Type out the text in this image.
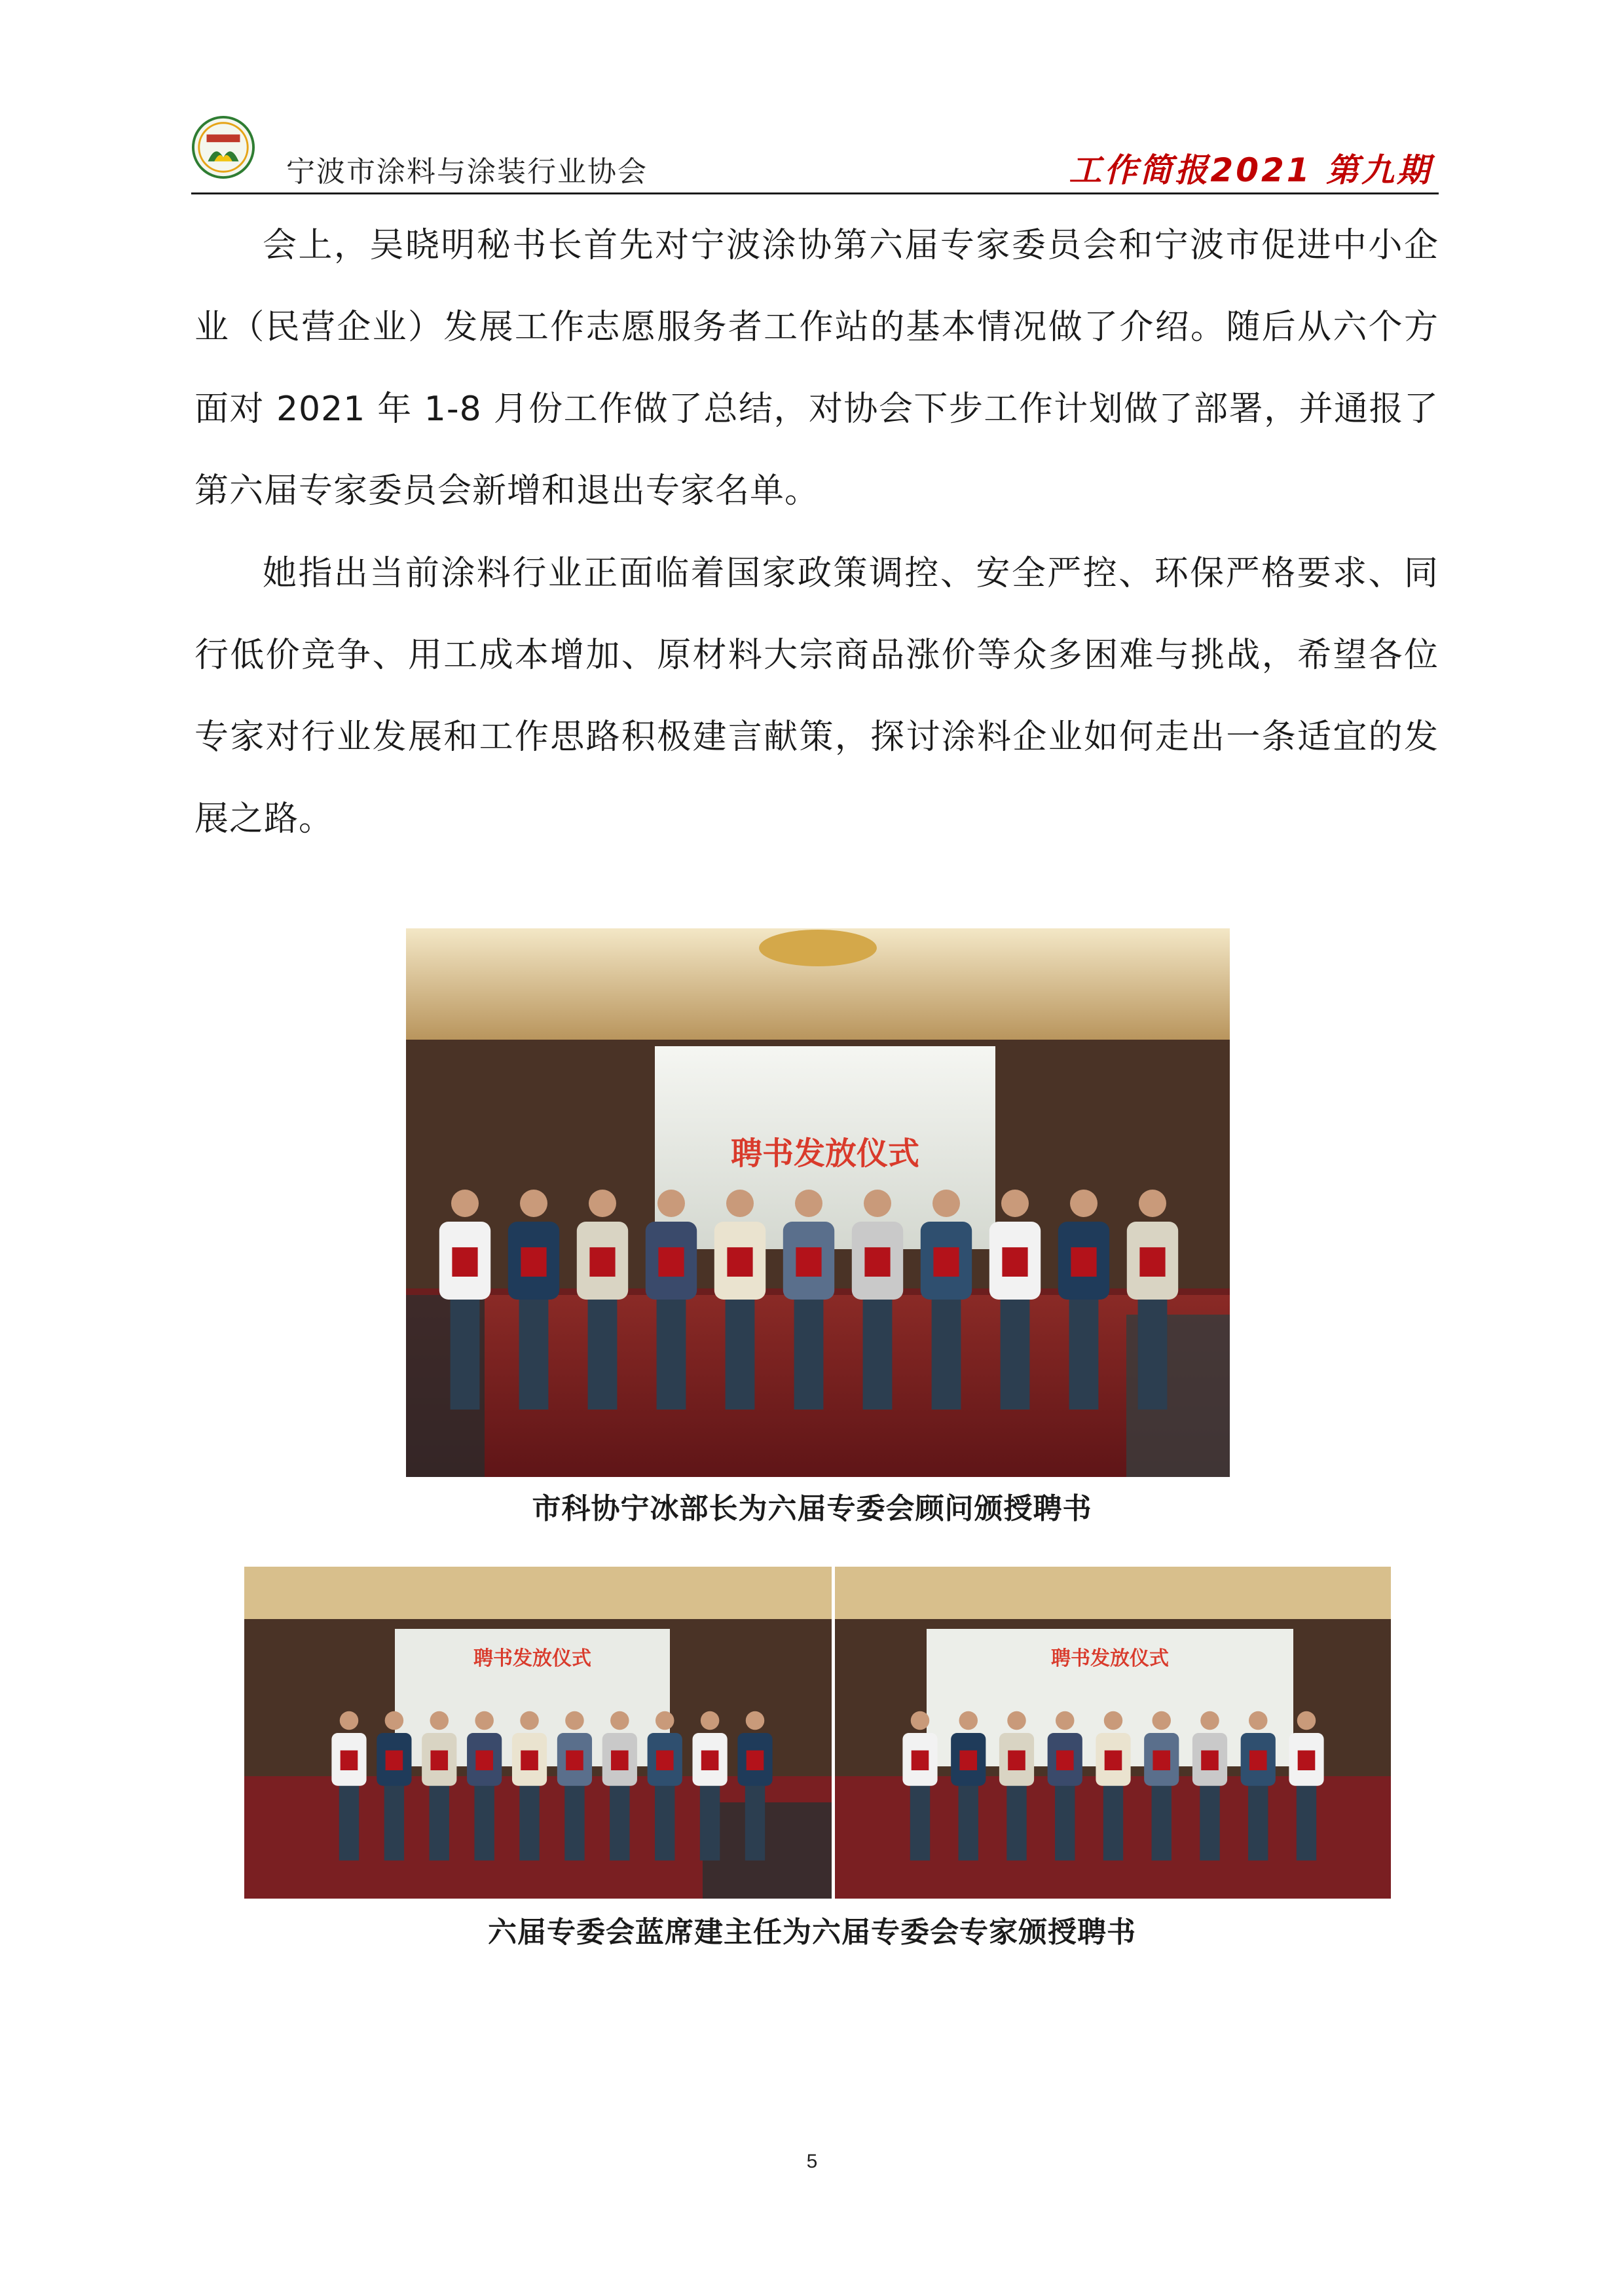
宁波市涂料与涂装行业协会	工作简报2021 第九期
会上，吴晓明秘书长首先对宁波涂协第六届专家委员会和宁波市促进中小企业（民营企业）发展工作志愿服务者工作站的基本情况做了介绍。随后从六个方面对 2021 年 1-8 月份工作做了总结，对协会下步工作计划做了部署，并通报了第六届专家委员会新增和退出专家名单。
她指出当前涂料行业正面临着国家政策调控、安全严控、环保严格要求、同行低价竞争、用工成本增加、原材料大宗商品涨价等众多困难与挑战，希望各位专家对行业发展和工作思路积极建言献策，探讨涂料企业如何走出一条适宜的发展之路。
聘书发放仪式
市科协宁冰部长为六届专委会顾问颁授聘书
聘书发放仪式	聘书发放仪式
六届专委会蓝席建主任为六届专委会专家颁授聘书
5
